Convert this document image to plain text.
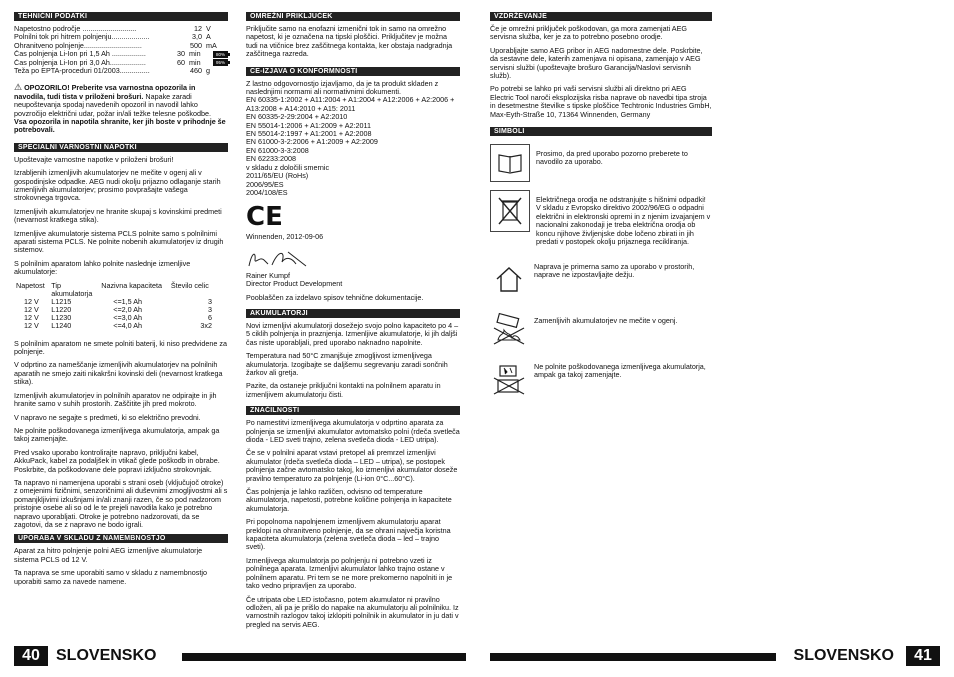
TEHNIČNI PODATKI
Napetostno področje ...........................	12 V
Polnilni tok pri hitrem polnjenju...................	3,0 A
Ohranitveno polnjenje.............................	500 mA
Čas polnjenja Li-Ion pri 1,5 Ah .................	30 min	80%
Čas polnjenja Li-Ion pri 3,0 Ah..................	60 min	95%
Teža po EPTA-proceduri 01/2003...............	460 g
⚠ OPOZORILO! Preberite vsa varnostna opozorila in navodila, tudi tista v priloženi brošuri. Napake zaradi neupoštevanja spodaj navedenih opozoril in navodil lahko povzročijo električni udar, požar in/ali težke telesne poškodbe.
Vsa opozorila in napotila shranite, ker jih boste v prihodnje še potrebovali.
SPECIALNI VARNOSTNI NAPOTKI
Upoštevajte varnostne napotke v priloženi brošuri!
Izrabljenih izmenljivih akumulatorjev ne mečite v ogenj ali v gospodinjske odpadke. AEG nudi okolju prijazno odlaganje starih izmenljivih akumulatorjev; prosimo povprašajte vašega strokovnega trgovca.
Izmenljivih akumulatorjev ne hranite skupaj s kovinskimi predmeti (nevarnost kratkega stika).
Izmenljive akumulatorje sistema PCLS polnite samo s polnilnimi aparati sistema PCLS. Ne polnite nobenih akumulatorjev iz drugih sistemov.
S polnilnim aparatom lahko polnite naslednje izmenljive akumulatorje:
Napetost	Tip akumulatorja	Nazivna kapaciteta	Število celic
12 V	L1215	<=1,5 Ah	3
12 V	L1220	<=2,0 Ah	3
12 V	L1230	<=3,0 Ah	6
12 V	L1240	<=4,0 Ah	3x2
S polnilnim aparatom ne smete polniti baterij, ki niso predvidene za polnjenje.
V odprtino za nameščanje izmenljivih akumulatorjev na polnilnih aparatih ne smejo zaiti nikakršni kovinski deli (nevarnost kratkega stika).
Izmenljivih akumulatorjev in polnilnih aparatov ne odpirajte in jih hranite samo v suhih prostorih. Zaščitite jih pred mokroto.
V napravo ne segajte s predmeti, ki so električno prevodni.
Ne polnite poškodovanega izmenljivega akumulatorja, ampak ga takoj zamenjajte.
Pred vsako uporabo kontrolirajte napravo, priključni kabel, AkkuPack, kabel za podaljšek in vtikač glede poškodb in obrabe. Poskrbite, da poškodovane dele popravi izključno strokovnjak.
Ta napravo ni namenjena uporabi s strani oseb (vključujoč otroke) z omejenimi fizičnimi, senzoričnimi ali duševnimi zmogljivostmi ali s pomanjkljivimi izkušnjami in/ali znanji razen, če so pod nadzorom pristojne osebe ali so od le te prejeli navodila kako je potrebno napravo uporabljati. Otroke je potrebno nadzorovati, da se zagotovi, da se z napravo ne bodo igrali.
UPORABA V SKLADU Z NAMEMBNOSTJO
Aparat za hitro polnjenje polni AEG izmenljive akumulatorje sistema PCLS od 12 V.
Ta naprava se sme uporabiti samo v skladu z namembnostjo uporabiti samo za navede namene.
OMREŽNI PRIKLJUČEK
Priključite samo na enofazni izmenični tok in samo na omrežno napetost, ki je označena na tipski ploščici. Priključitev je možna tudi na vtičnice brez zaščitnega kontakta, ker obstaja nadgradnja zaščitnega razreda.
CE-IZJAVA O KONFORMNOSTI
Z lastno odgovornostjo izjavljamo, da je ta produkt skladen z naslednjimi normami ali normativnimi dokumenti.
EN 60335-1:2002 + A11:2004 + A1:2004 + A12:2006 + A2:2006 + A13:2008 + A14:2010 + A15: 2011
EN 60335-2-29:2004 + A2:2010
EN 55014-1:2006 + A1:2009 + A2:2011
EN 55014-2:1997 + A1:2001 + A2:2008
EN 61000-3-2:2006 + A1:2009 + A2:2009
EN 61000-3-3:2008
EN 62233:2008
v skladu z določili smernic
2011/65/EU (RoHs)
2006/95/ES
2004/108/ES
CE
Winnenden, 2012-09-06
Rainer Kumpf
Director Product Development
Pooblaščen za izdelavo spisov tehnične dokumentacije.
AKUMULATORJI
Novi izmenljivi akumulatorji dosežejo svojo polno kapaciteto po 4 – 5 ciklih polnjenja in praznjenja. Izmenljive akumulatorje, ki jih daljši čas niste uporabljali, pred uporabo naknadno napolnite.
Temperatura nad 50°C zmanjšuje zmogljivost izmenljivega akumulatorja. Izogibajte se daljšemu segrevanju zaradi sončnih žarkov ali gretja.
Pazite, da ostaneje priključni kontakti na polnilnem aparatu in izmenljivem akumulatorju čisti.
ZNAČILNOSTI
Po namestitvi izmenljivega akumulatorja v odprtino aparata za polnjenja se izmenljivi akumulator avtomatsko polni (rdeča svetleča dioda - LED sveti trajno, zelena svetleča dioda - LED utripa).
Če se v polnilni aparat vstavi pretopel ali premrzel izmenljivi akumulator (rdeča svetleča dioda – LED – utripa), se postopek polnjenja začne avtomatsko takoj, ko izmenljivi akumulator doseže pravilno temperaturo za polnjenje (Li-ion 0°C...60°C).
Čas polnjenja je lahko različen, odvisno od temperature akumulatorja, napetosti, potrebne količine polnjenja in kapacitete akumulatorja.
Pri popolnoma napolnjenem izmenljivem akumulatorju aparat preklopi na ohranitveno polnjenje, da se ohrani največja koristna kapaciteta akumulatorja (zelena svetleča dioda – led – trajno sveti).
Izmenljivega akumulatorja po polnjenju ni potrebno vzeti iz polnilnega aparata. Izmenljivi akumulator lahko trajno ostane v polnilnem aparatu. Pri tem se ne more prekomerno napolniti in je tako vedno pripravljen za uporabo.
Če utripata obe LED istočasno, potem akumulator ni pravilno odložen, ali pa je prišlo do napake na akumulatorju ali polnilniku. Iz varnostnih razlogov takoj izklopiti polnilnik in akumulator in ju dati v pregled na servis AEG.
VZDRŽEVANJE
Če je omrežni priključek poškodovan, ga mora zamenjati AEG servisna služba, ker je za to potrebno posebno orodje.
Uporabljajte samo AEG pribor in AEG nadomestne dele. Poskrbite, da sestavne dele, katerih zamenjava ni opisana, zamenjajo v AEG servisni službi (upoštevajte brošuro Garancija/Naslovi servisnih služb).
Po potrebi se lahko pri vaši servisni službi ali direktno pri AEG Electric Tool naroči eksplozijska risba naprave ob navedbi tipa stroja in desetmestne številke s tipske ploščice Techtronic Industries GmbH, Max-Eyth-Straße 10, 71364 Winnenden, Germany
SIMBOLI
Prosimo, da pred uporabo pozorno preberete to navodilo za uporabo.
Električnega orodja ne odstranjujte s hišnimi odpadki! V skladu z Evropsko direktivo 2002/96/EG o odpadni električni in elektronski opremi in z njenim izvajanjem v nacionalni zakonodaji je treba električna orodja ob koncu njihove življenjske dobe ločeno zbirati in jih predati v postopek okolju prijaznega recikliranja.
Naprava je primerna samo za uporabo v prostorih, naprave ne izpostavljajte dežju.
Zamenljivih akumulatorjev ne mečite v ogenj.
Ne polnite poškodovanega izmenljivega akumulatorja, ampak ga takoj zamenjajte.
40	SLOVENSKO	SLOVENSKO	41
